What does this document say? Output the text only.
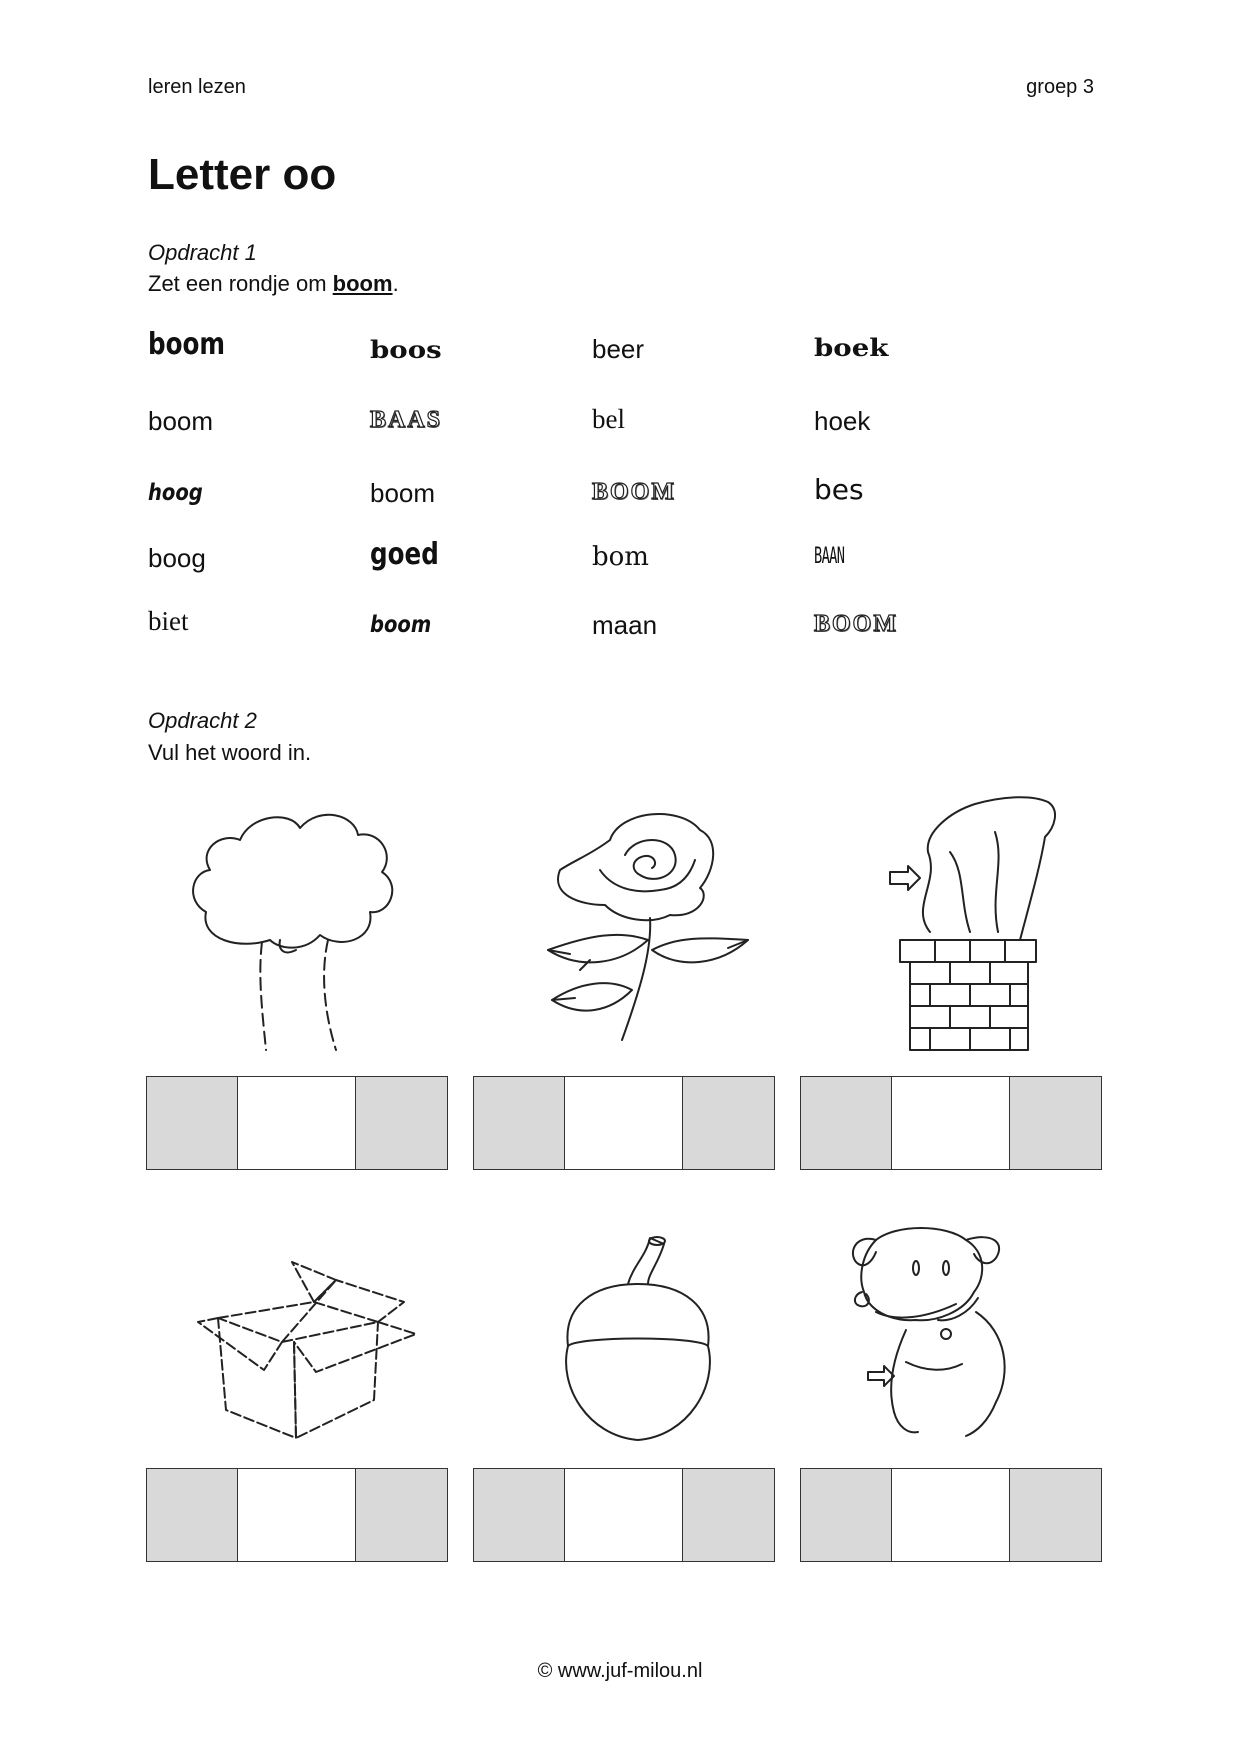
leren lezen	groep 3
Letter oo
Opdracht 1
Zet een rondje om boom.
boom	boos	beer	boek
boom	BAAS	bel	hoek
hoog	boom	BOOM	bes
boog	goed	bom	BAAN
biet	boom	maan	BOOM
Opdracht 2
Vul het woord in.
© www.juf-milou.nl
